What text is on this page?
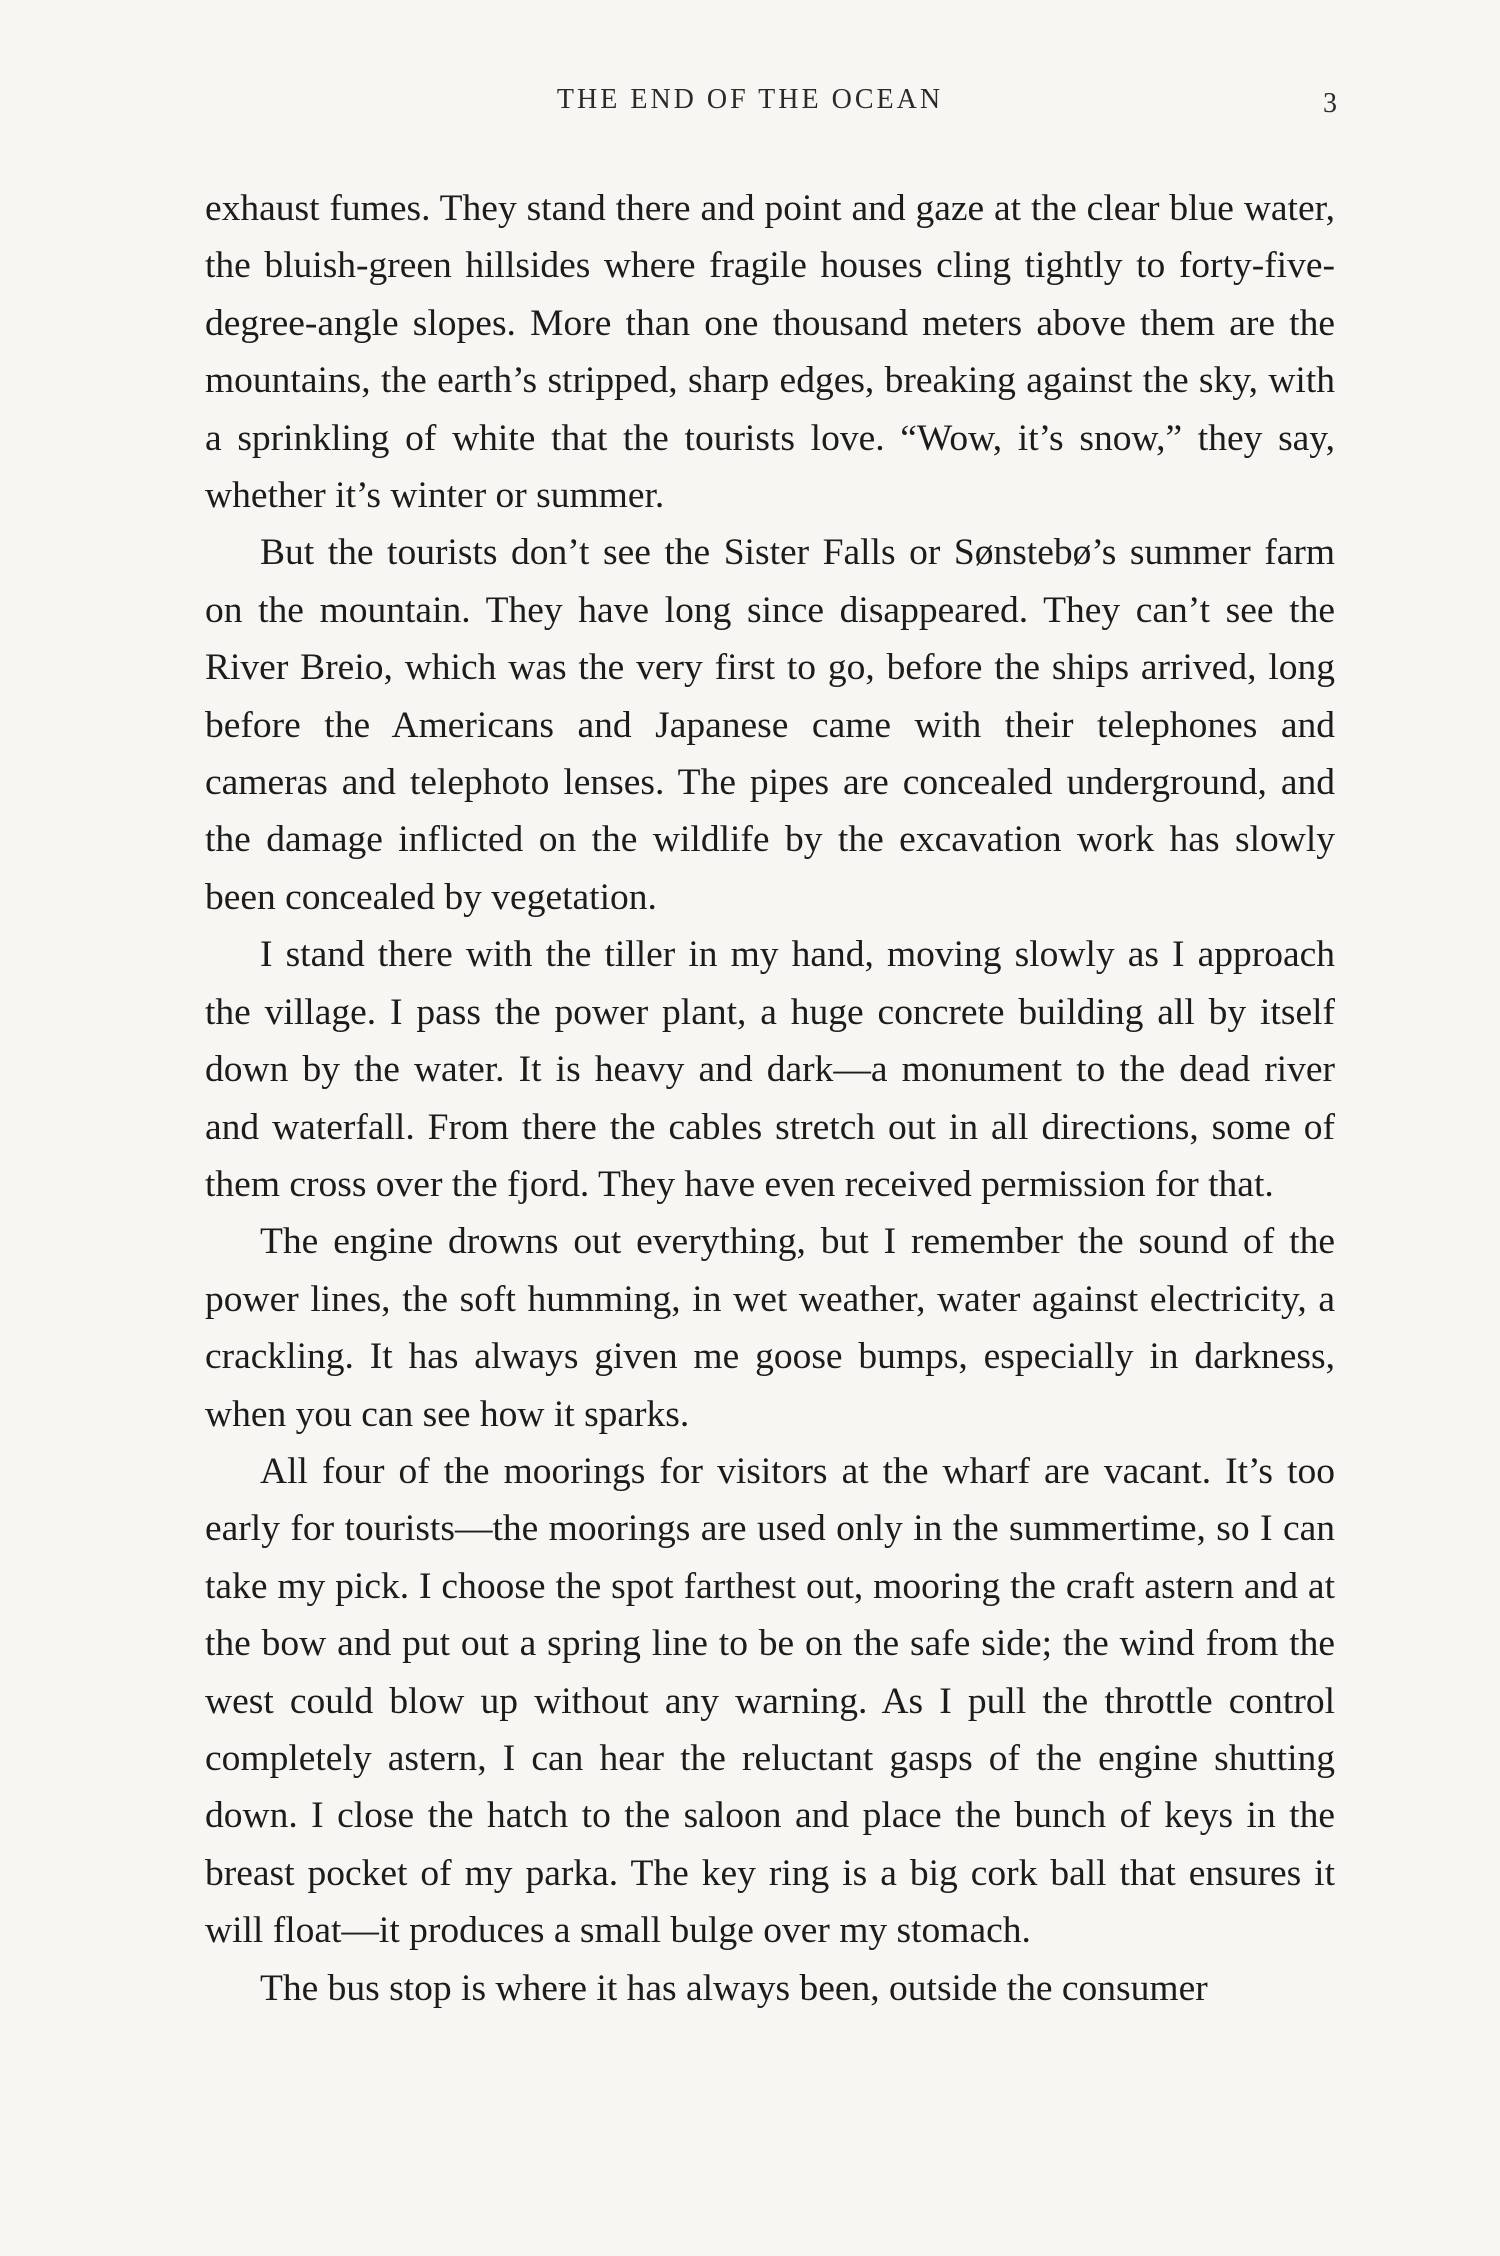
THE END OF THE OCEAN	3

exhaust fumes. They stand there and point and gaze at the clear blue water, the bluish-green hillsides where fragile houses cling tightly to forty-five-degree-angle slopes. More than one thousand meters above them are the mountains, the earth’s stripped, sharp edges, breaking against the sky, with a sprinkling of white that the tourists love. “Wow, it’s snow,” they say, whether it’s winter or summer.

But the tourists don’t see the Sister Falls or Sønstebø’s summer farm on the mountain. They have long since disappeared. They can’t see the River Breio, which was the very first to go, before the ships arrived, long before the Americans and Japanese came with their telephones and cameras and telephoto lenses. The pipes are concealed underground, and the damage inflicted on the wildlife by the excavation work has slowly been concealed by vegetation.

I stand there with the tiller in my hand, moving slowly as I approach the village. I pass the power plant, a huge concrete building all by itself down by the water. It is heavy and dark—a monument to the dead river and waterfall. From there the cables stretch out in all directions, some of them cross over the fjord. They have even received permission for that.

The engine drowns out everything, but I remember the sound of the power lines, the soft humming, in wet weather, water against electricity, a crackling. It has always given me goose bumps, especially in darkness, when you can see how it sparks.

All four of the moorings for visitors at the wharf are vacant. It’s too early for tourists—the moorings are used only in the summertime, so I can take my pick. I choose the spot farthest out, mooring the craft astern and at the bow and put out a spring line to be on the safe side; the wind from the west could blow up without any warning. As I pull the throttle control completely astern, I can hear the reluctant gasps of the engine shutting down. I close the hatch to the saloon and place the bunch of keys in the breast pocket of my parka. The key ring is a big cork ball that ensures it will float—it produces a small bulge over my stomach.

The bus stop is where it has always been, outside the consumer
